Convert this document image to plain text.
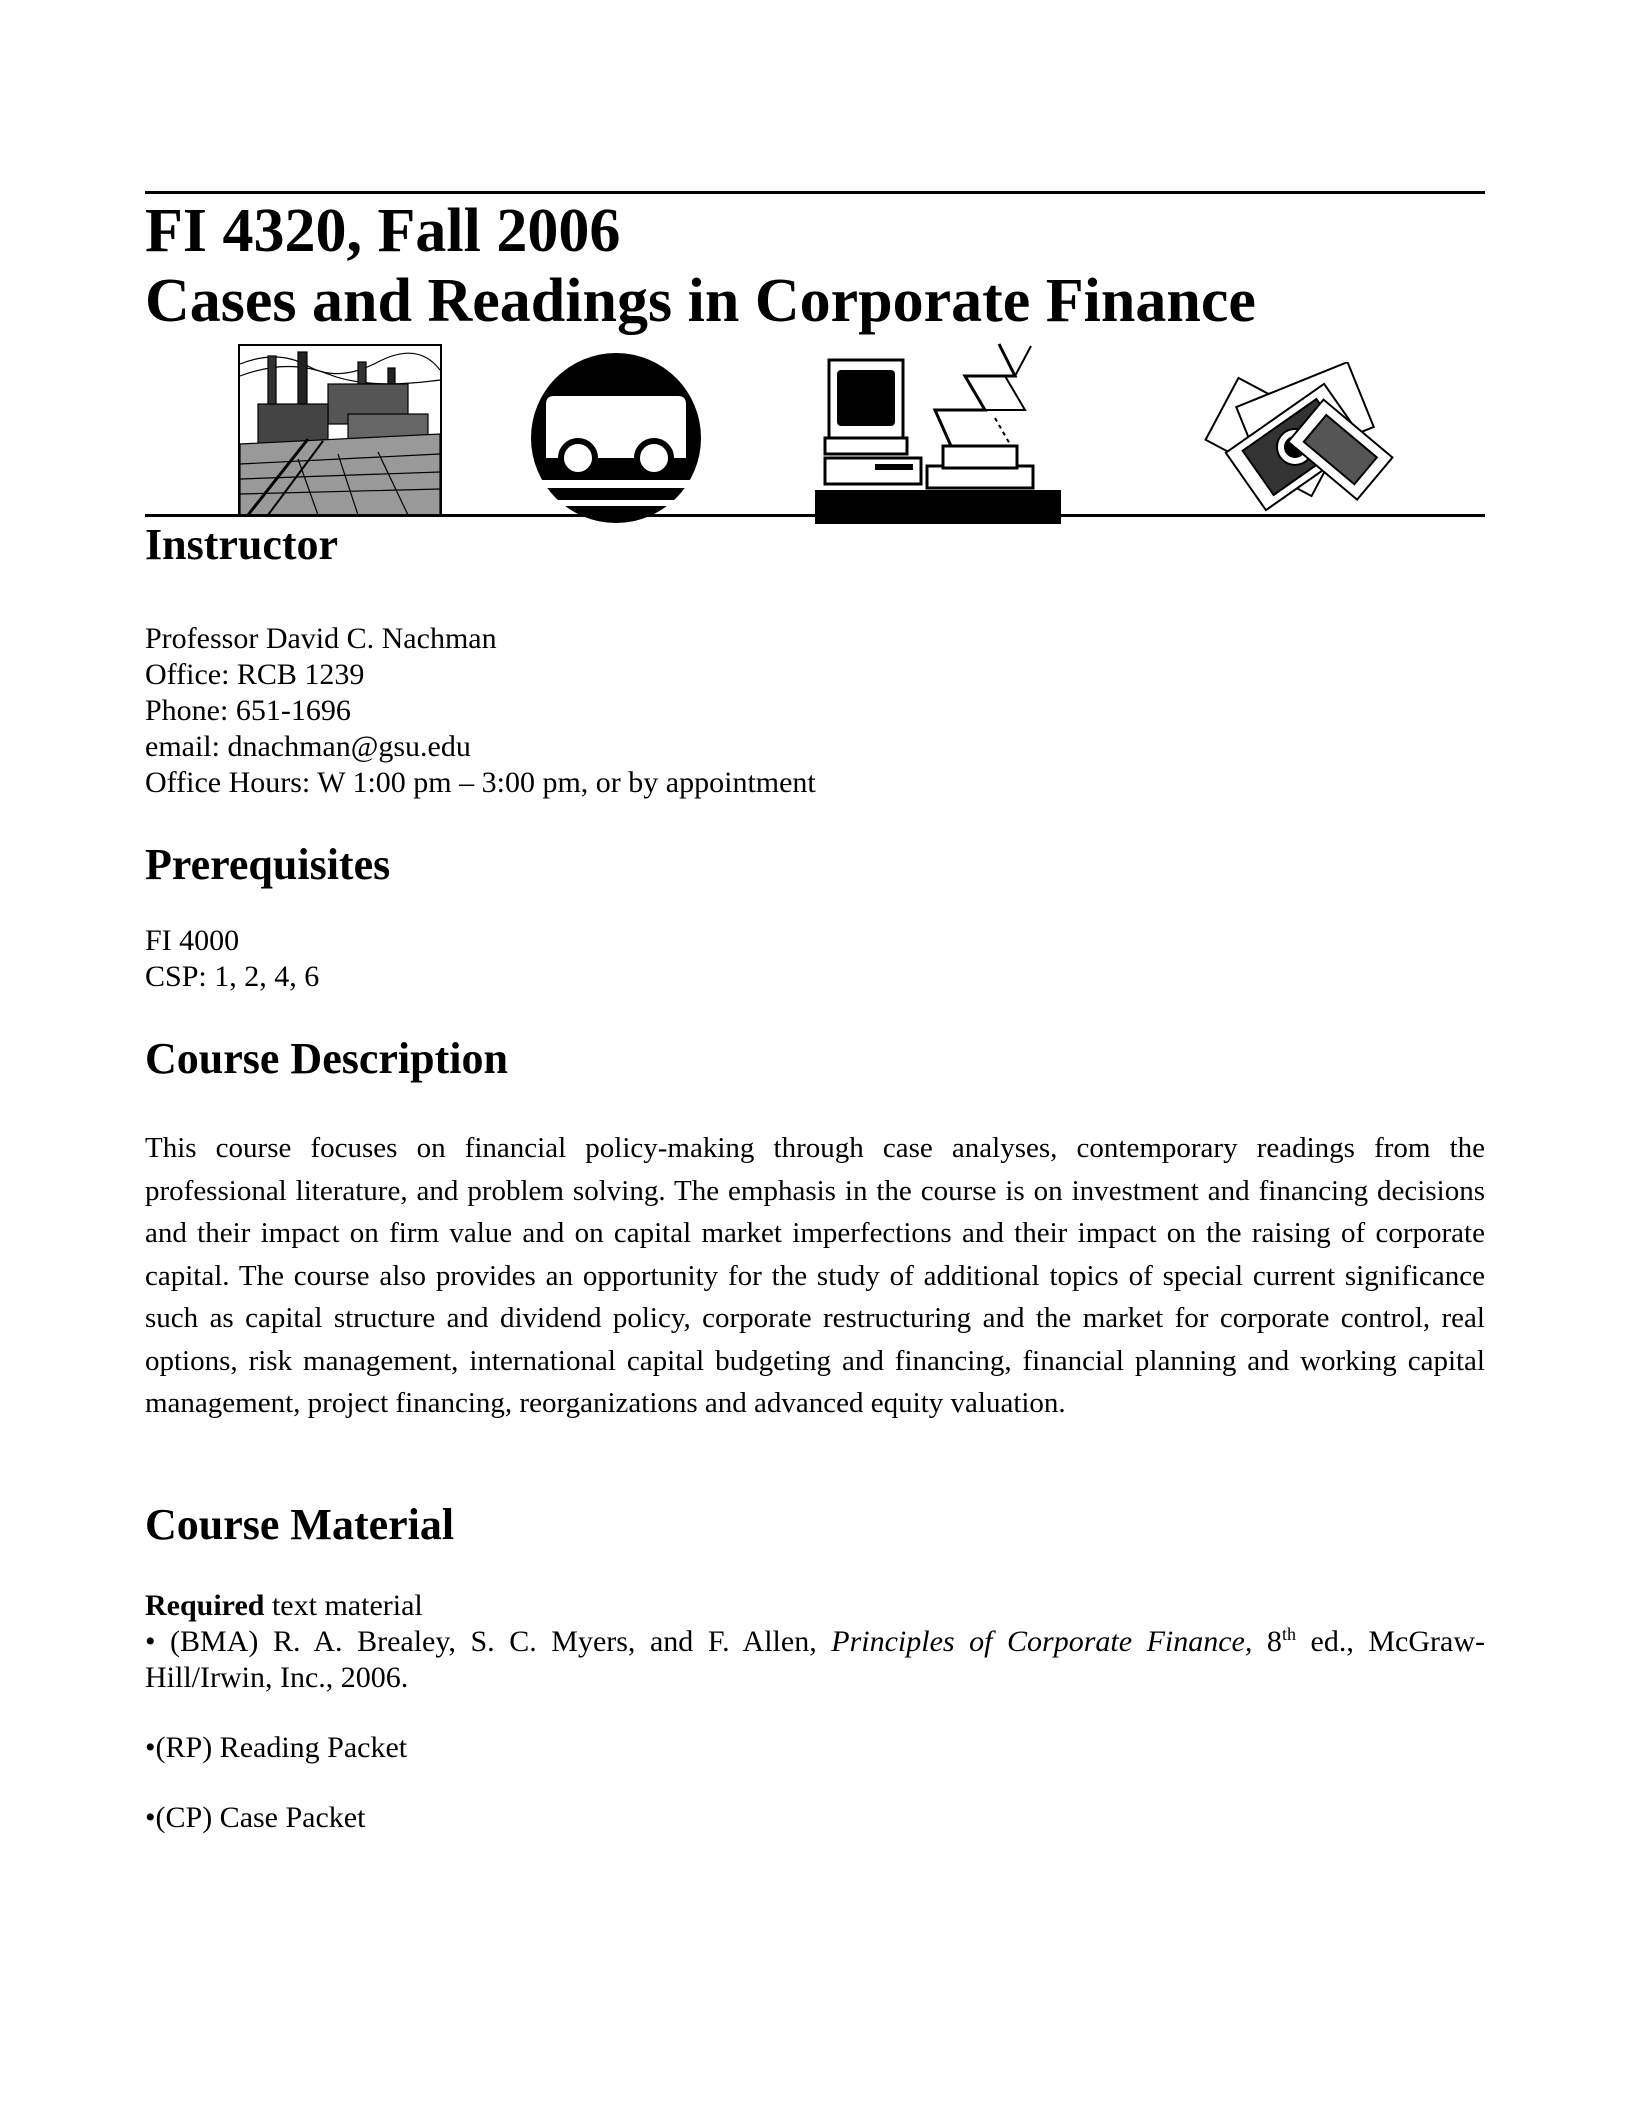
FI 4320, Fall 2006
Cases and Readings in Corporate Finance
Instructor
Professor David C. Nachman
Office: RCB 1239
Phone: 651-1696
email: dnachman@gsu.edu
Office Hours: W 1:00 pm – 3:00 pm, or by appointment
Prerequisites
FI 4000
CSP: 1, 2, 4, 6
Course Description
This course focuses on financial policy-making through case analyses, contemporary readings from the professional literature, and problem solving. The emphasis in the course is on investment and financing decisions and their impact on firm value and on capital market imperfections and their impact on the raising of corporate capital. The course also provides an opportunity for the study of additional topics of special current significance such as capital structure and dividend policy, corporate restructuring and the market for corporate control, real options, risk management, international capital budgeting and financing, financial planning and working capital management, project financing, reorganizations and advanced equity valuation.
Course Material
Required text material
• (BMA) R. A. Brealey, S. C. Myers, and F. Allen, Principles of Corporate Finance, 8th ed., McGraw-Hill/Irwin, Inc., 2006.
•(RP) Reading Packet
•(CP) Case Packet
